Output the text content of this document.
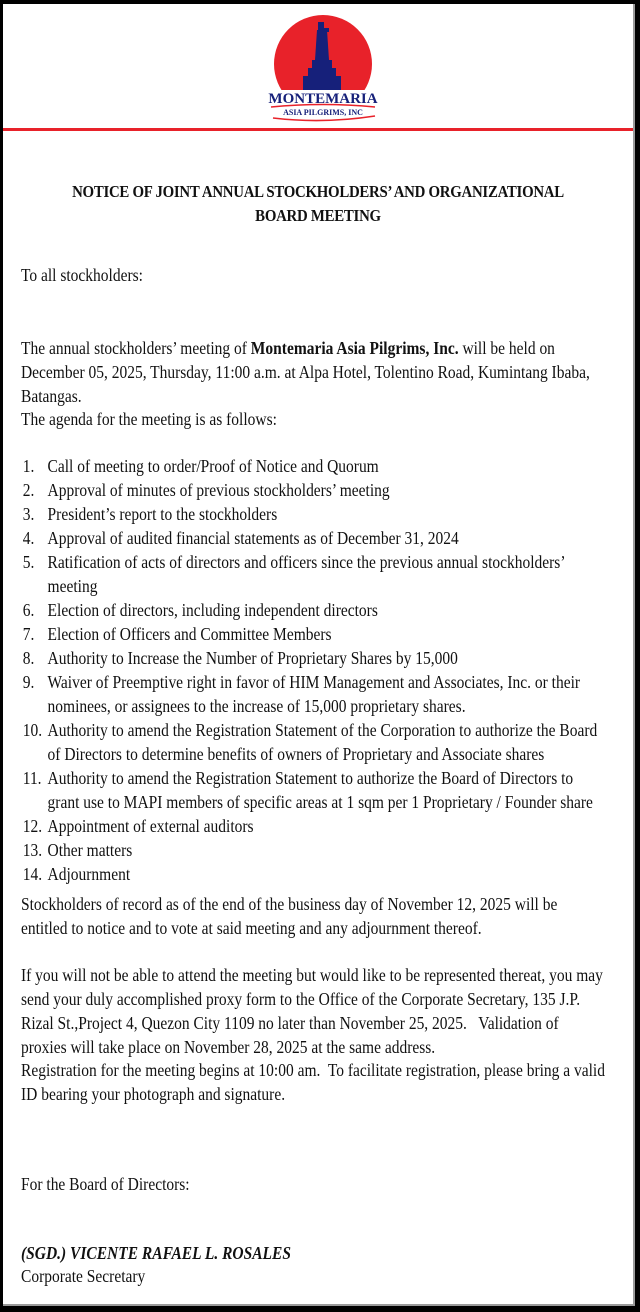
MONTEMARIA
ASIA PILGRIMS, INC
NOTICE OF JOINT ANNUAL STOCKHOLDERS’ AND ORGANIZATIONAL BOARD MEETING
To all stockholders:
The annual stockholders’ meeting of Montemaria Asia Pilgrims, Inc. will be held on December 05, 2025, Thursday, 11:00 a.m. at Alpa Hotel, Tolentino Road, Kumintang Ibaba, Batangas.
The agenda for the meeting is as follows:
1. Call of meeting to order/Proof of Notice and Quorum
2. Approval of minutes of previous stockholders’ meeting
3. President’s report to the stockholders
4. Approval of audited financial statements as of December 31, 2024
5. Ratification of acts of directors and officers since the previous annual stockholders’ meeting
6. Election of directors, including independent directors
7. Election of Officers and Committee Members
8. Authority to Increase the Number of Proprietary Shares by 15,000
9. Waiver of Preemptive right in favor of HIM Management and Associates, Inc. or their nominees, or assignees to the increase of 15,000 proprietary shares.
10. Authority to amend the Registration Statement of the Corporation to authorize the Board of Directors to determine benefits of owners of Proprietary and Associate shares
11. Authority to amend the Registration Statement to authorize the Board of Directors to grant use to MAPI members of specific areas at 1 sqm per 1 Proprietary / Founder share
12. Appointment of external auditors
13. Other matters
14. Adjournment
Stockholders of record as of the end of the business day of November 12, 2025 will be entitled to notice and to vote at said meeting and any adjournment thereof.
If you will not be able to attend the meeting but would like to be represented thereat, you may send your duly accomplished proxy form to the Office of the Corporate Secretary, 135 J.P. Rizal St.,Project 4, Quezon City 1109 no later than November 25, 2025.   Validation of proxies will take place on November 28, 2025 at the same address.
Registration for the meeting begins at 10:00 am.  To facilitate registration, please bring a valid ID bearing your photograph and signature.
For the Board of Directors:
(SGD.) VICENTE RAFAEL L. ROSALES
Corporate Secretary
